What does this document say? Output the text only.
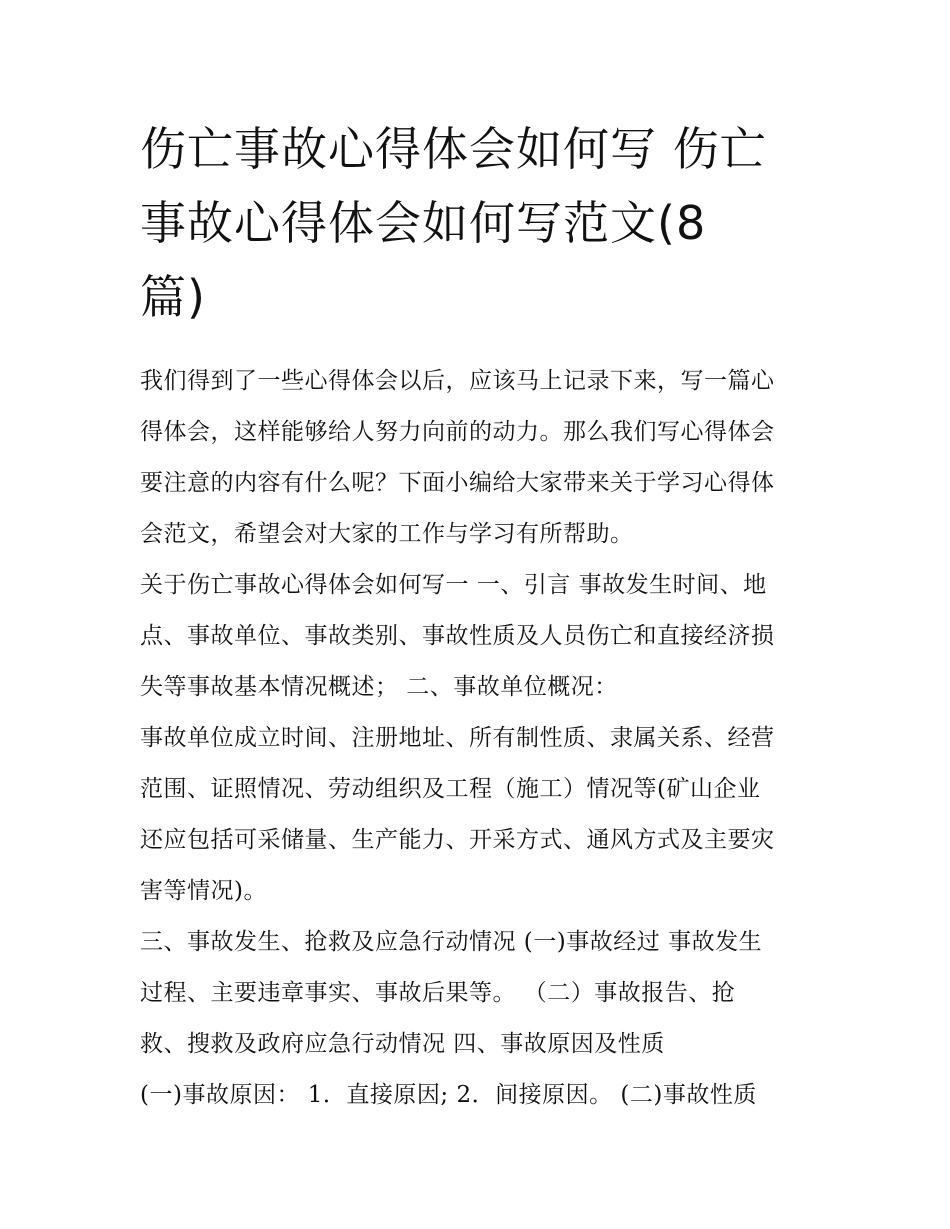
伤亡事故心得体会如何写 伤亡
事故心得体会如何写范文(8
篇)
我们得到了一些心得体会以后，应该马上记录下来，写一篇心
得体会，这样能够给人努力向前的动力。那么我们写心得体会
要注意的内容有什么呢？下面小编给大家带来关于学习心得体
会范文，希望会对大家的工作与学习有所帮助。
关于伤亡事故心得体会如何写一 一、引言 事故发生时间、地
点、事故单位、事故类别、事故性质及人员伤亡和直接经济损
失等事故基本情况概述； 二、事故单位概况：
事故单位成立时间、注册地址、所有制性质、隶属关系、经营
范围、证照情况、劳动组织及工程（施工）情况等(矿山企业
还应包括可采储量、生产能力、开采方式、通风方式及主要灾
害等情况)。
三、事故发生、抢救及应急行动情况 (一)事故经过 事故发生
过程、主要违章事实、事故后果等。 （二）事故报告、抢
救、搜救及政府应急行动情况 四、事故原因及性质
(一)事故原因： 1．直接原因; 2．间接原因。 (二)事故性质
